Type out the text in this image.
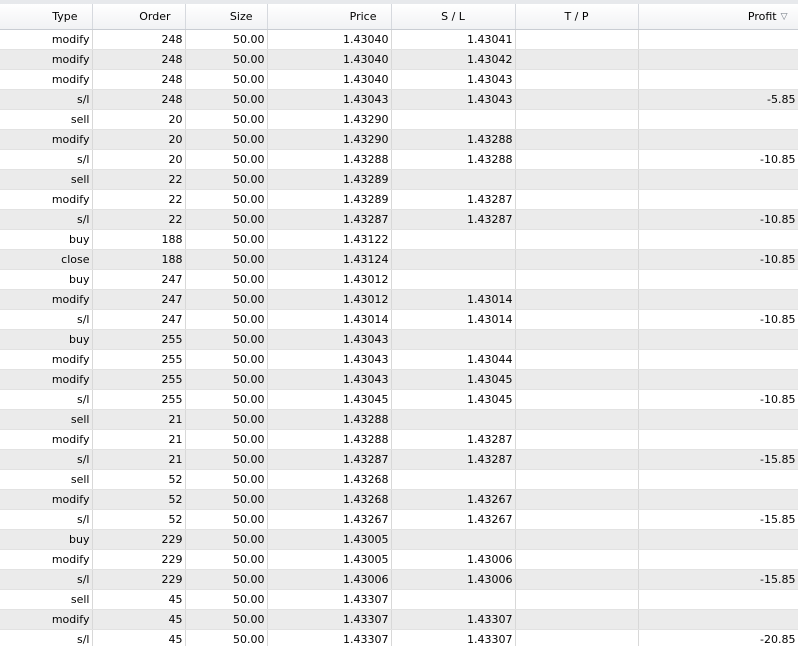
Type	Order	Size	Price	S / L	T / P	Profit ▽
modify	248	50.00	1.43040	1.43041		
modify	248	50.00	1.43040	1.43042		
modify	248	50.00	1.43040	1.43043		
s/l	248	50.00	1.43043	1.43043		-5.85
sell	20	50.00	1.43290			
modify	20	50.00	1.43290	1.43288		
s/l	20	50.00	1.43288	1.43288		-10.85
sell	22	50.00	1.43289			
modify	22	50.00	1.43289	1.43287		
s/l	22	50.00	1.43287	1.43287		-10.85
buy	188	50.00	1.43122			
close	188	50.00	1.43124			-10.85
buy	247	50.00	1.43012			
modify	247	50.00	1.43012	1.43014		
s/l	247	50.00	1.43014	1.43014		-10.85
buy	255	50.00	1.43043			
modify	255	50.00	1.43043	1.43044		
modify	255	50.00	1.43043	1.43045		
s/l	255	50.00	1.43045	1.43045		-10.85
sell	21	50.00	1.43288			
modify	21	50.00	1.43288	1.43287		
s/l	21	50.00	1.43287	1.43287		-15.85
sell	52	50.00	1.43268			
modify	52	50.00	1.43268	1.43267		
s/l	52	50.00	1.43267	1.43267		-15.85
buy	229	50.00	1.43005			
modify	229	50.00	1.43005	1.43006		
s/l	229	50.00	1.43006	1.43006		-15.85
sell	45	50.00	1.43307			
modify	45	50.00	1.43307	1.43307		
s/l	45	50.00	1.43307	1.43307		-20.85
